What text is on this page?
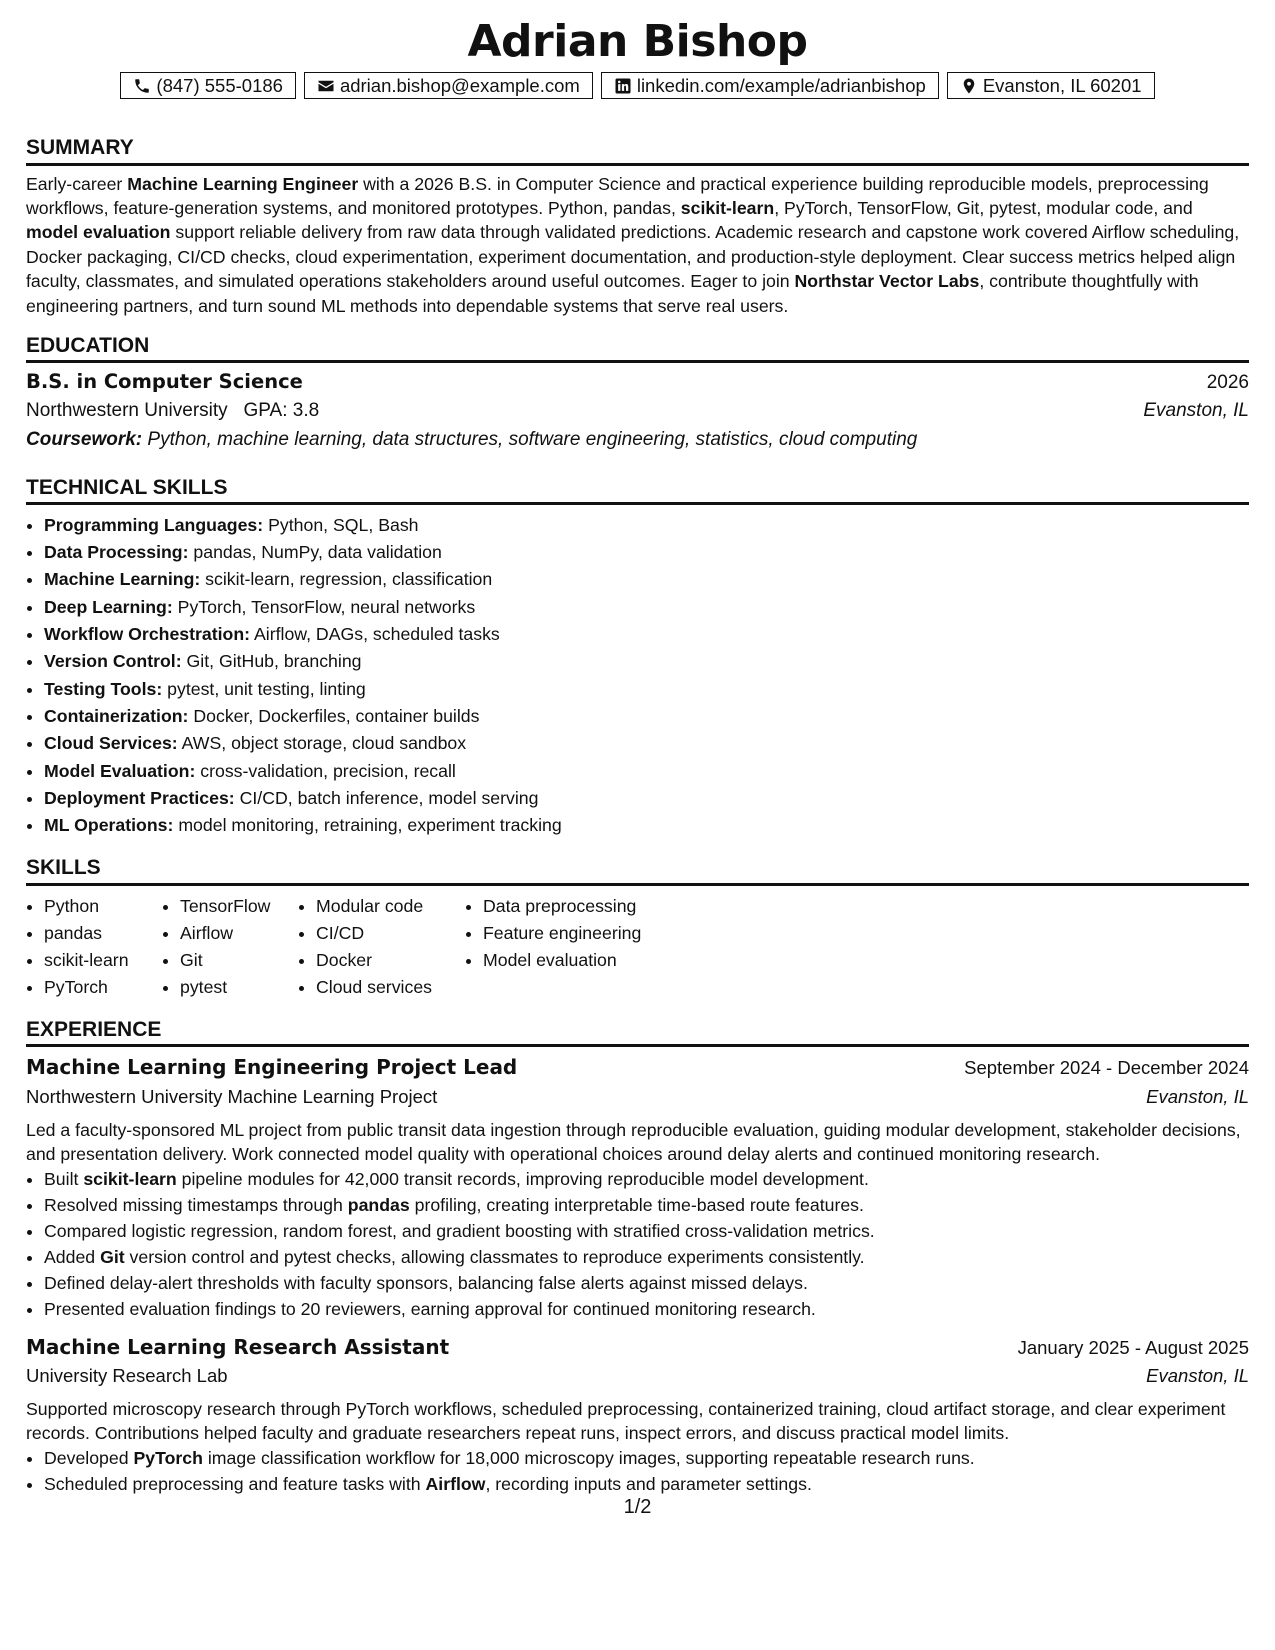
Adrian Bishop
(847) 555-0186	adrian.bishop@example.com	linkedin.com/example/adrianbishop	Evanston, IL 60201
SUMMARY

Early-career Machine Learning Engineer with a 2026 B.S. in Computer Science and practical experience building reproducible models, preprocessing workflows, feature-generation systems, and monitored prototypes. Python, pandas, scikit-learn, PyTorch, TensorFlow, Git, pytest, modular code, and model evaluation support reliable delivery from raw data through validated predictions. Academic research and capstone work covered Airflow scheduling, Docker packaging, CI/CD checks, cloud experimentation, experiment documentation, and production-style deployment. Clear success metrics helped align faculty, classmates, and simulated operations stakeholders around useful outcomes. Eager to join Northstar Vector Labs, contribute thoughtfully with engineering partners, and turn sound ML methods into dependable systems that serve real users.

EDUCATION
B.S. in Computer Science	2026
Northwestern University GPA: 3.8	Evanston, IL

Coursework: Python, machine learning, data structures, software engineering, statistics, cloud computing

TECHNICAL SKILLS
• Programming Languages: Python, SQL, Bash
• Data Processing: pandas, NumPy, data validation
• Machine Learning: scikit-learn, regression, classification
• Deep Learning: PyTorch, TensorFlow, neural networks
• Workflow Orchestration: Airflow, DAGs, scheduled tasks
• Version Control: Git, GitHub, branching
• Testing Tools: pytest, unit testing, linting
• Containerization: Docker, Dockerfiles, container builds
• Cloud Services: AWS, object storage, cloud sandbox
• Model Evaluation: cross-validation, precision, recall
• Deployment Practices: CI/CD, batch inference, model serving
• ML Operations: model monitoring, retraining, experiment tracking
SKILLS
• Python
• pandas
• scikit-learn
• PyTorch
• TensorFlow
• Airflow
• Git
• pytest
• Modular code
• CI/CD
• Docker
• Cloud services
• Data preprocessing
• Feature engineering
• Model evaluation
EXPERIENCE
Machine Learning Engineering Project Lead	September 2024 - December 2024
Northwestern University Machine Learning Project	Evanston, IL

Led a faculty-sponsored ML project from public transit data ingestion through reproducible evaluation, guiding modular development, stakeholder decisions, and presentation delivery. Work connected model quality with operational choices around delay alerts and continued monitoring research.

• Built scikit-learn pipeline modules for 42,000 transit records, improving reproducible model development.
• Resolved missing timestamps through pandas profiling, creating interpretable time-based route features.
• Compared logistic regression, random forest, and gradient boosting with stratified cross-validation metrics.
• Added Git version control and pytest checks, allowing classmates to reproduce experiments consistently.
• Defined delay-alert thresholds with faculty sponsors, balancing false alerts against missed delays.
• Presented evaluation findings to 20 reviewers, earning approval for continued monitoring research.
Machine Learning Research Assistant	January 2025 - August 2025
University Research Lab	Evanston, IL

Supported microscopy research through PyTorch workflows, scheduled preprocessing, containerized training, cloud artifact storage, and clear experiment records. Contributions helped faculty and graduate researchers repeat runs, inspect errors, and discuss practical model limits.

• Developed PyTorch image classification workflow for 18,000 microscopy images, supporting repeatable research runs.
• Scheduled preprocessing and feature tasks with Airflow, recording inputs and parameter settings.
1/2
